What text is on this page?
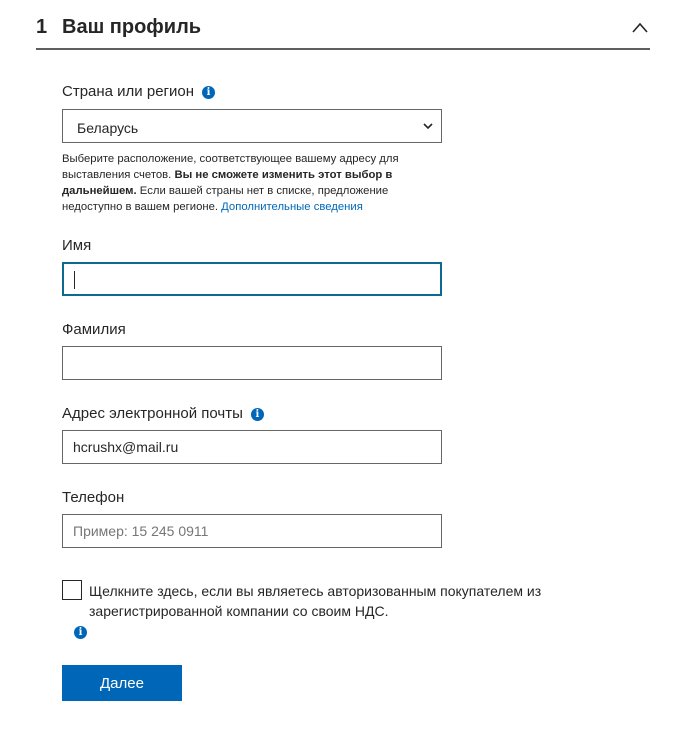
1 Ваш профиль
Страна или регион i
Беларусь
Выберите расположение, соответствующее вашему адресу для выставления счетов. Вы не сможете изменить этот выбор в дальнейшем. Если вашей страны нет в списке, предложение недоступно в вашем регионе. Дополнительные сведения
Имя
Фамилия
Адрес электронной почты i
hcrushx@mail.ru
Телефон
Пример: 15 245 0911
Щелкните здесь, если вы являетесь авторизованным покупателем из зарегистрированной компании со своим НДС.
i
Далее
